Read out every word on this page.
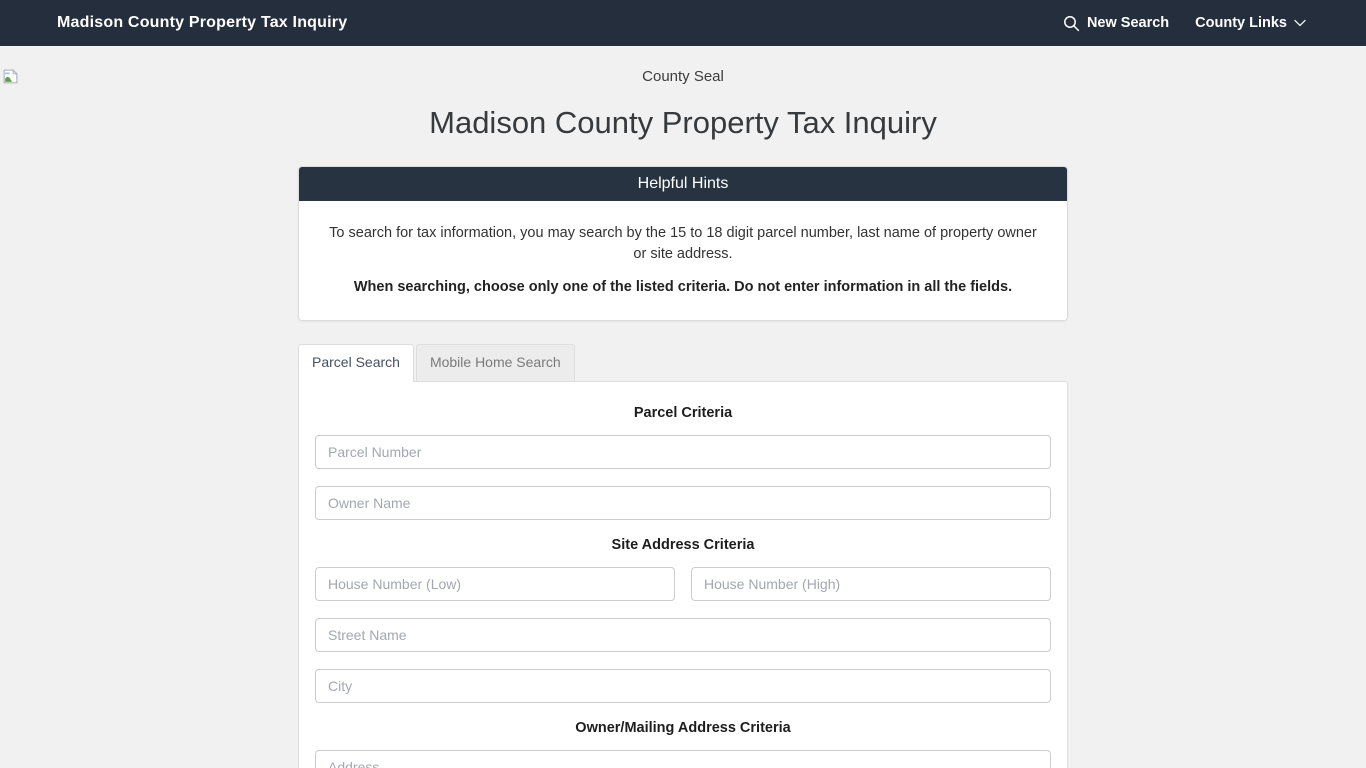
Madison County Property Tax Inquiry	New Search County Links
County Seal
Madison County Property Tax Inquiry
Helpful Hints

To search for tax information, you may search by the 15 to 18 digit parcel number, last name of property owner or site address.

When searching, choose only one of the listed criteria. Do not enter information in all the fields.

Parcel Search	Mobile Home Search
Parcel Criteria
Parcel Number
Owner Name
Site Address Criteria
House Number (Low)
House Number (High)
Street Name
City
Owner/Mailing Address Criteria
Address
